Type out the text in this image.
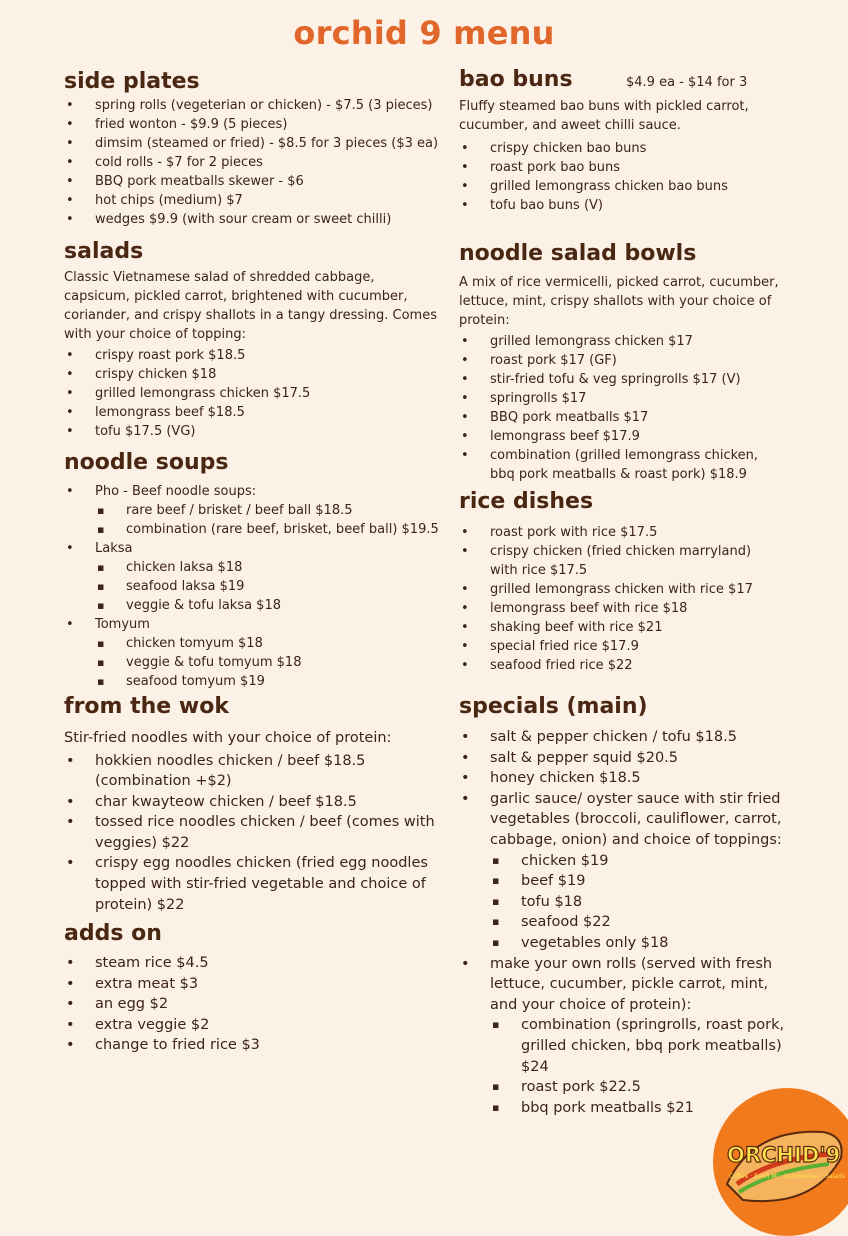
orchid 9 menu
side plates
• spring rolls (vegeterian or chicken) - $7.5 (3 pieces)
• fried wonton - $9.9 (5 pieces)
• dimsim (steamed or fried) - $8.5 for 3 pieces ($3 ea)
• cold rolls - $7 for 2 pieces
• BBQ pork meatballs skewer - $6
• hot chips (medium) $7
• wedges $9.9 (with sour cream or sweet chilli)
salads

Classic Vietnamese salad of shredded cabbage, capsicum, pickled carrot, brightened with cucumber, coriander, and crispy shallots in a tangy dressing. Comes with your choice of topping:

• crispy roast pork $18.5
• crispy chicken $18
• grilled lemongrass chicken $17.5
• lemongrass beef $18.5
• tofu $17.5 (VG)
noodle soups
• Pho - Beef noodle soups:
▪ rare beef / brisket / beef ball $18.5
▪ combination (rare beef, brisket, beef ball) $19.5
• Laksa
▪ chicken laksa $18
▪ seafood laksa $19
▪ veggie & tofu laksa $18
• Tomyum
▪ chicken tomyum $18
▪ veggie & tofu tomyum $18
▪ seafood tomyum $19
from the wok

Stir-fried noodles with your choice of protein:

• hokkien noodles chicken / beef $18.5 (combination +$2)
• char kwayteow chicken / beef $18.5
• tossed rice noodles chicken / beef (comes with veggies) $22
• crispy egg noodles chicken (fried egg noodles topped with stir-fried vegetable and choice of protein) $22
adds on
• steam rice $4.5
• extra meat $3
• an egg $2
• extra veggie $2
• change to fried rice $3
bao buns

Fluffy steamed bao buns with pickled carrot, cucumber, and aweet chilli sauce.

• crispy chicken bao buns
• roast pork bao buns
• grilled lemongrass chicken bao buns
• tofu bao buns (V)
$4.9 ea - $14 for 3
noodle salad bowls

A mix of rice vermicelli, picked carrot, cucumber, lettuce, mint, crispy shallots with your choice of protein:

• grilled lemongrass chicken $17
• roast pork $17 (GF)
• stir-fried tofu & veg springrolls $17 (V)
• springrolls $17
• BBQ pork meatballs $17
• lemongrass beef $17.9
• combination (grilled lemongrass chicken, bbq pork meatballs & roast pork) $18.9
rice dishes
• roast pork with rice $17.5
• crispy chicken (fried chicken marryland) with rice $17.5
• grilled lemongrass chicken with rice $17
• lemongrass beef with rice $18
• shaking beef with rice $21
• special fried rice $17.9
• seafood fried rice $22
specials (main)
• salt & pepper chicken / tofu $18.5
• salt & pepper squid $20.5
• honey chicken $18.5
• garlic sauce/ oyster sauce with stir fried vegetables (broccoli, cauliflower, carrot, cabbage, onion) and choice of toppings:
▪ chicken $19
▪ beef $19
▪ tofu $18
▪ seafood $22
▪ vegetables only $18
• make your own rolls (served with fresh lettuce, cucumber, pickle carrot, mint, and your choice of protein):
▪ combination (springrolls, roast pork, grilled chicken, bbq pork meatballs) $24
▪ roast pork $22.5
▪ bbq pork meatballs $21
ORCHID'9
Coffee · Banh Mi · Sandwiches · Salads
